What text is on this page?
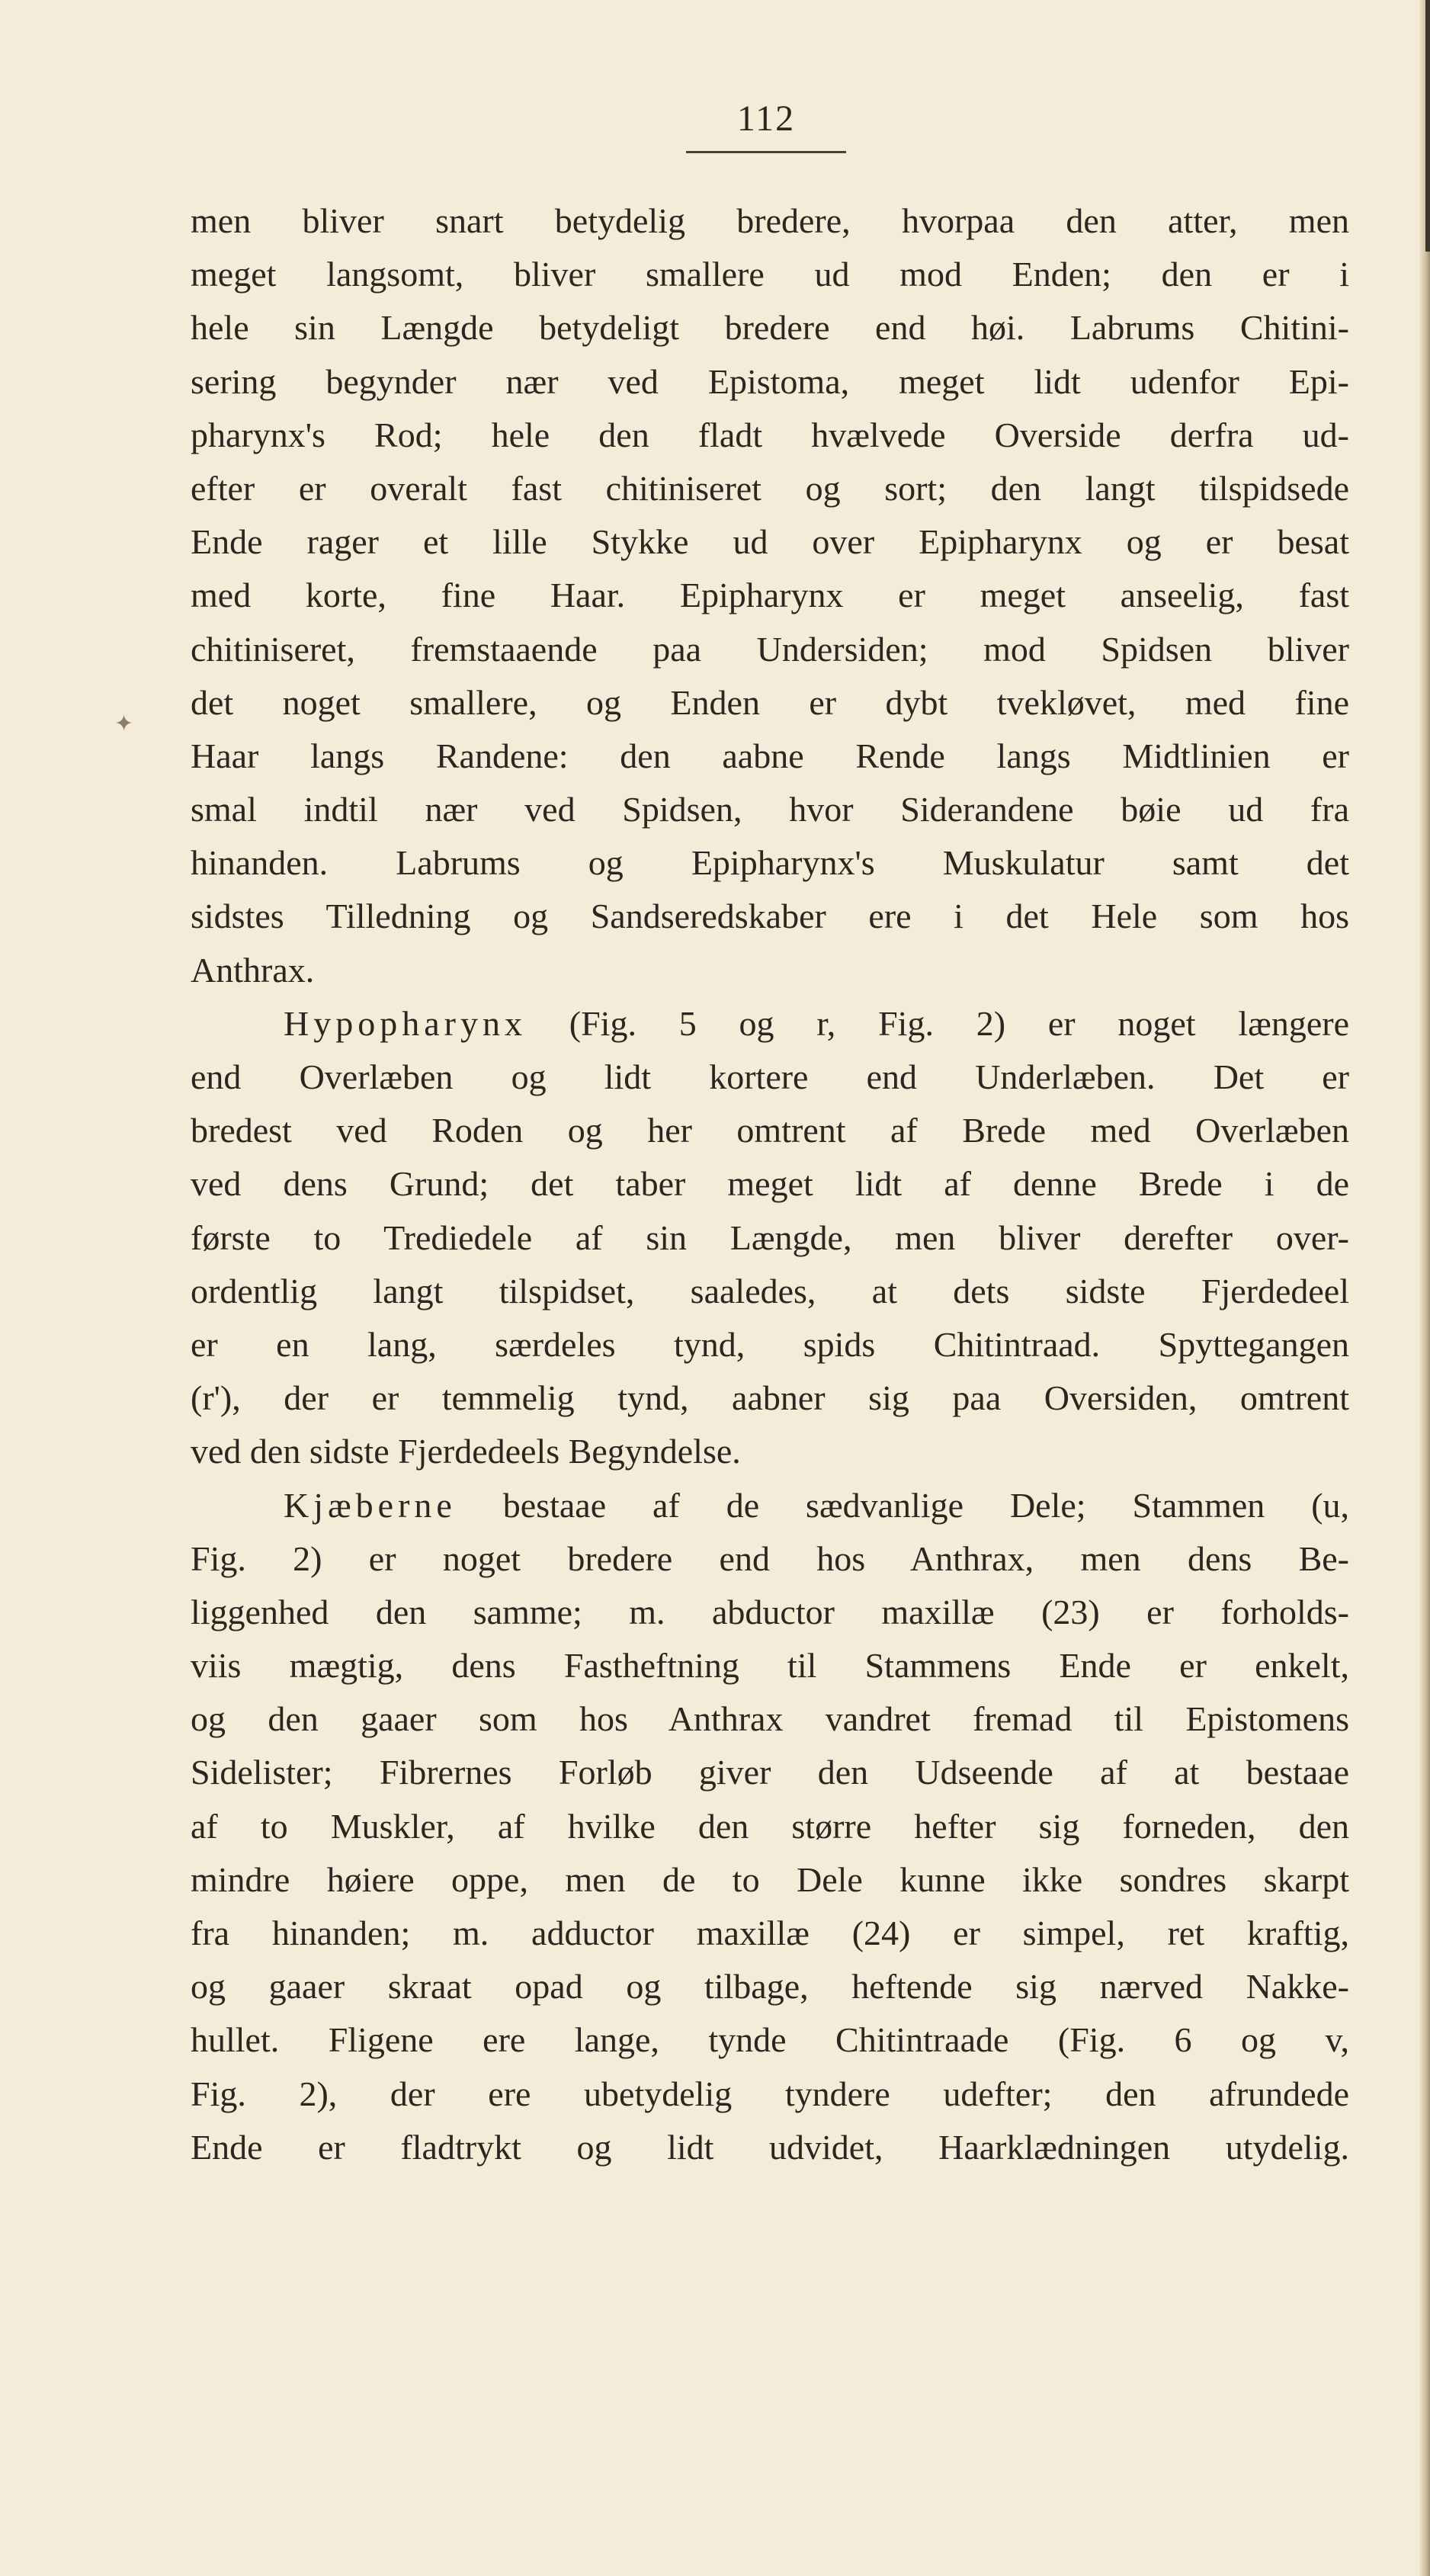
112
✦
men bliver snart betydelig bredere, hvorpaa den atter, men
meget langsomt, bliver smallere ud mod Enden; den er i
hele sin Længde betydeligt bredere end høi. Labrums Chitini-
sering begynder nær ved Epistoma, meget lidt udenfor Epi-
pharynx's Rod; hele den fladt hvælvede Overside derfra ud-
efter er overalt fast chitiniseret og sort; den langt tilspidsede
Ende rager et lille Stykke ud over Epipharynx og er besat
med korte, fine Haar. Epipharynx er meget anseelig, fast
chitiniseret, fremstaaende paa Undersiden; mod Spidsen bliver
det noget smallere, og Enden er dybt tvekløvet, med fine
Haar langs Randene: den aabne Rende langs Midtlinien er
smal indtil nær ved Spidsen, hvor Siderandene bøie ud fra
hinanden. Labrums og Epipharynx's Muskulatur samt det
sidstes Tilledning og Sandseredskaber ere i det Hele som hos
Anthrax.
Hypopharynx (Fig. 5 og r, Fig. 2) er noget længere
end Overlæben og lidt kortere end Underlæben. Det er
bredest ved Roden og her omtrent af Brede med Overlæben
ved dens Grund; det taber meget lidt af denne Brede i de
første to Trediedele af sin Længde, men bliver derefter over-
ordentlig langt tilspidset, saaledes, at dets sidste Fjerdedeel
er en lang, særdeles tynd, spids Chitintraad. Spyttegangen
(r'), der er temmelig tynd, aabner sig paa Oversiden, omtrent
ved den sidste Fjerdedeels Begyndelse.
Kjæberne bestaae af de sædvanlige Dele; Stammen (u,
Fig. 2) er noget bredere end hos Anthrax, men dens Be-
liggenhed den samme; m. abductor maxillæ (23) er forholds-
viis mægtig, dens Fastheftning til Stammens Ende er enkelt,
og den gaaer som hos Anthrax vandret fremad til Epistomens
Sidelister; Fibrernes Forløb giver den Udseende af at bestaae
af to Muskler, af hvilke den større hefter sig forneden, den
mindre høiere oppe, men de to Dele kunne ikke sondres skarpt
fra hinanden; m. adductor maxillæ (24) er simpel, ret kraftig,
og gaaer skraat opad og tilbage, heftende sig nærved Nakke-
hullet. Fligene ere lange, tynde Chitintraade (Fig. 6 og v,
Fig. 2), der ere ubetydelig tyndere udefter; den afrundede
Ende er fladtrykt og lidt udvidet, Haarklædningen utydelig.
